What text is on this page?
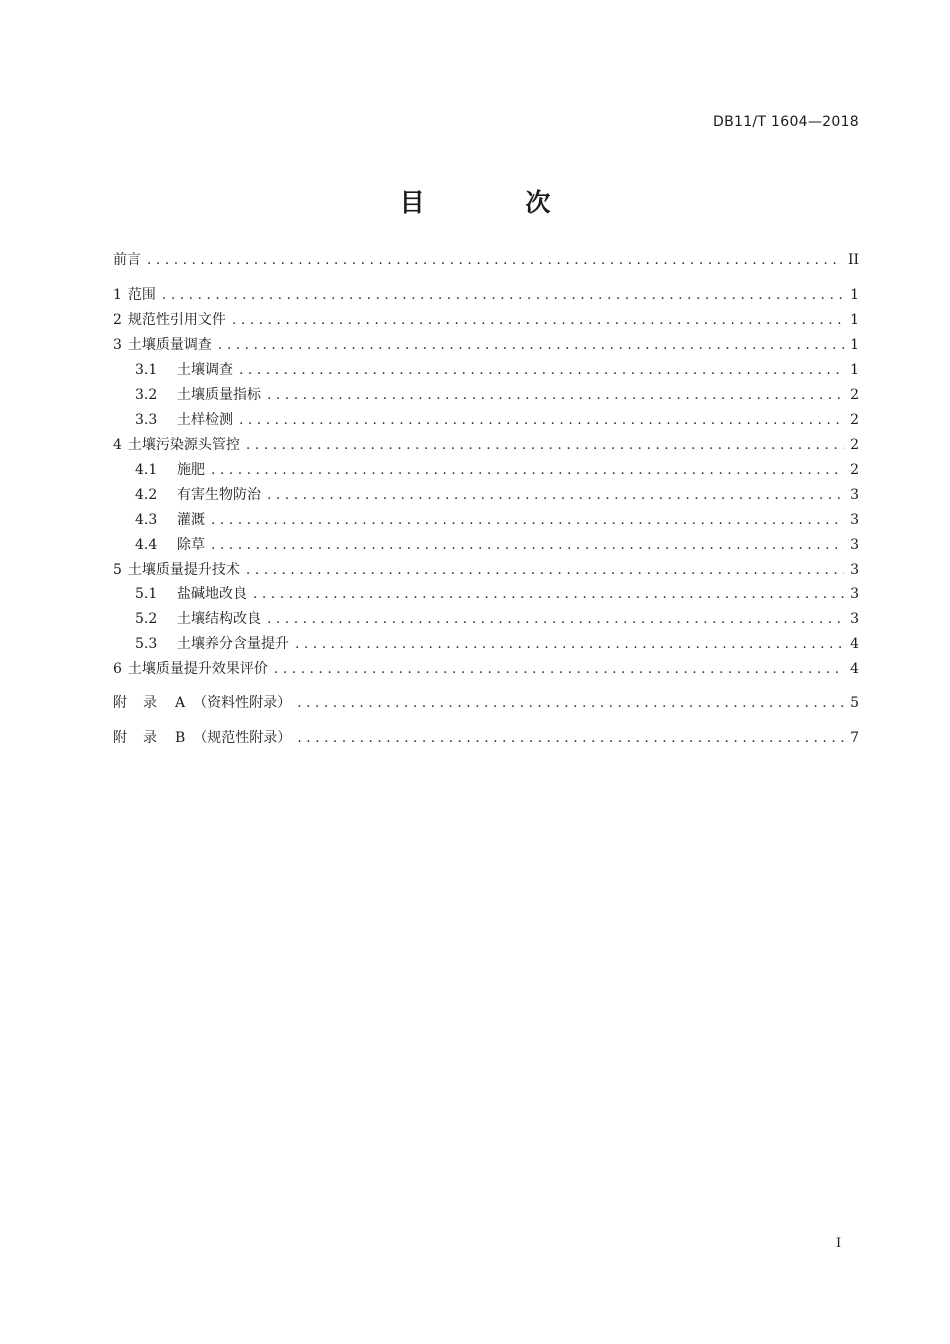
DB11/T 1604—2018
目 次
前言 . . .	II
1 范围 . . .	1
2 规范性引用文件 . . .	1
3 土壤质量调查 . . .	1
3.1	土壤调查 . . .	1
3.2	土壤质量指标 . . .	2
3.3	土样检测 . . .	2
4 土壤污染源头管控 . . .	2
4.1	施肥 . . .	2
4.2	有害生物防治 . . .	3
4.3	灌溉 . . .	3
4.4	除草 . . .	3
5 土壤质量提升技术 . . .	3
5.1	盐碱地改良 . . .	3
5.2	土壤结构改良 . . .	3
5.3	土壤养分含量提升 . . .	4
6 土壤质量提升效果评价 . . .	4
附录 A （资料性附录） . . .	5
附录 B （规范性附录） . . .	7
I
